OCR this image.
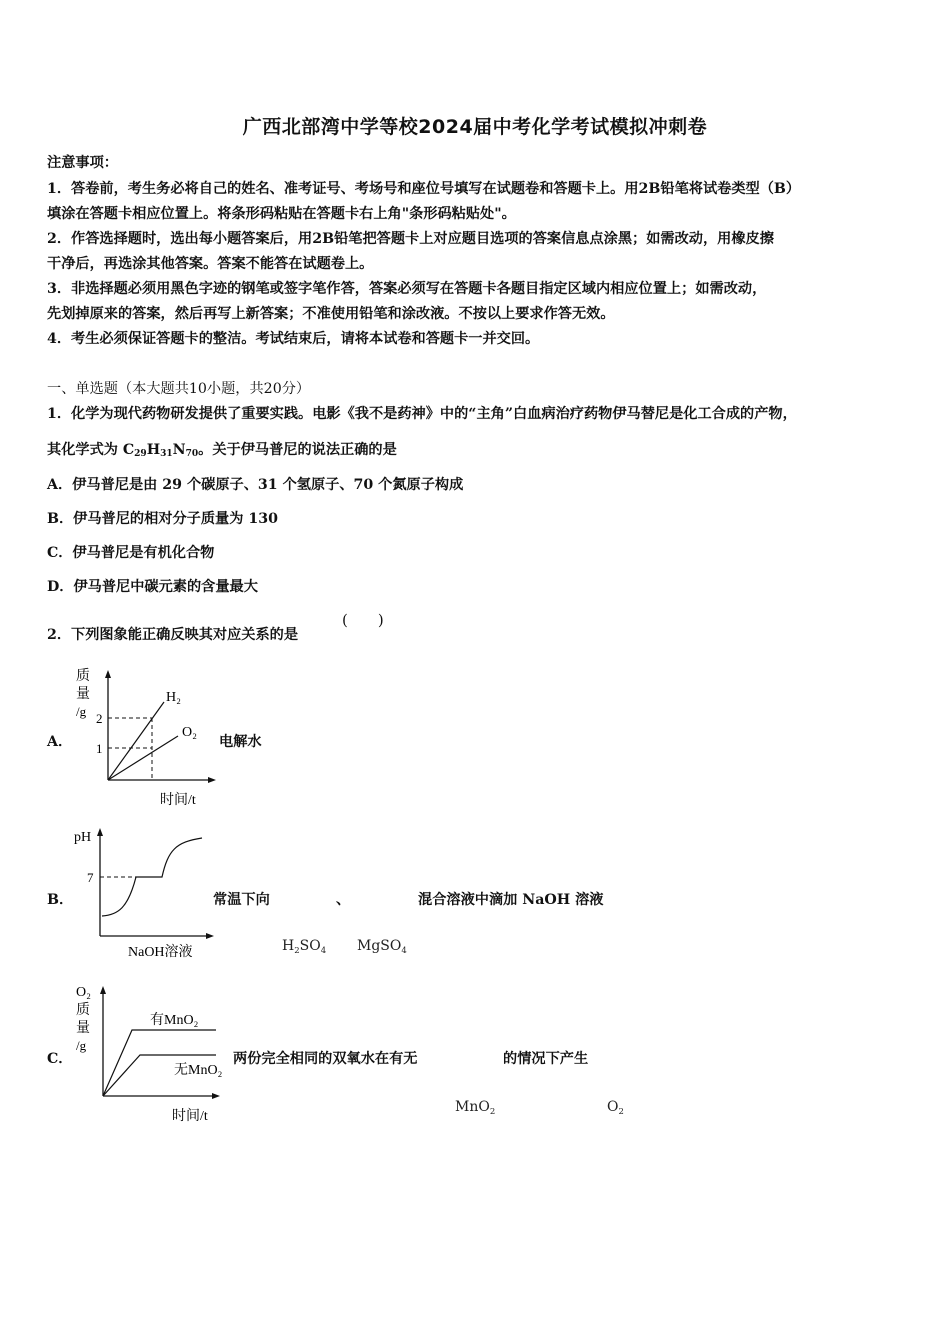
广西北部湾中学等校2024届中考化学考试模拟冲刺卷
注意事项：
1．答卷前，考生务必将自己的姓名、准考证号、考场号和座位号填写在试题卷和答题卡上。用2B铅笔将试卷类型（B）
填涂在答题卡相应位置上。将条形码粘贴在答题卡右上角"条形码粘贴处"。
2．作答选择题时，选出每小题答案后，用2B铅笔把答题卡上对应题目选项的答案信息点涂黑；如需改动，用橡皮擦
干净后，再选涂其他答案。答案不能答在试题卷上。
3．非选择题必须用黑色字迹的钢笔或签字笔作答，答案必须写在答题卡各题目指定区域内相应位置上；如需改动，
先划掉原来的答案，然后再写上新答案；不准使用铅笔和涂改液。不按以上要求作答无效。
4．考生必须保证答题卡的整洁。考试结束后，请将本试卷和答题卡一并交回。
一、单选题（本大题共10小题，共20分）
1．化学为现代药物研发提供了重要实践。电影《我不是药神》中的“主角”白血病治疗药物伊马替尼是化工合成的产物，
其化学式为 C29H31N70。关于伊马普尼的说法正确的是
A．伊马普尼是由 29 个碳原子、31 个氢原子、70 个氮原子构成
B．伊马普尼的相对分子质量为 130
C．伊马普尼是有机化合物
D．伊马普尼中碳元素的含量最大
2．下列图象能正确反映其对应关系的是
(　　)
A．
质
量
/g 2
1
H₂
O₂
时间/t
电解水
B．
pH
7
NaOH溶液
常温下向	、	混合溶液中滴加 NaOH 溶液
$H_2SO_4$ MgSO$_4$
C．
O₂
质
量
/g
有MnO₂
无MnO₂
时间/t
两份完全相同的双氧水在有无	的情况下产生
MnO$_2$	$O_2$
